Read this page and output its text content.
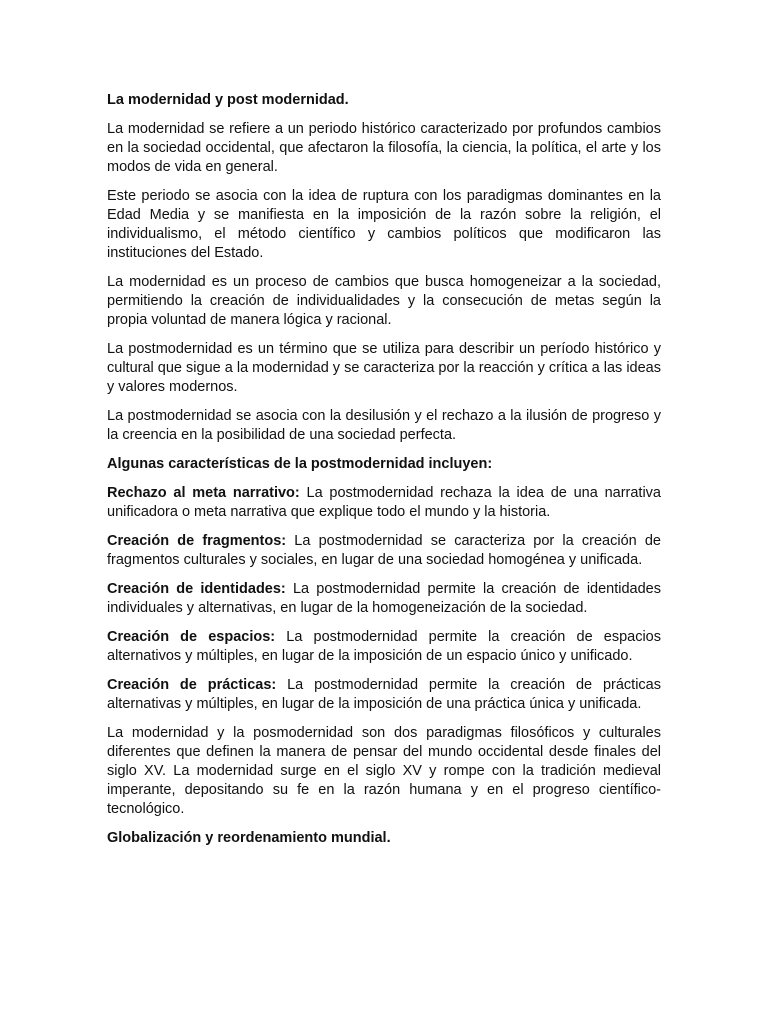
La modernidad y post modernidad.

La modernidad se refiere a un periodo histórico caracterizado por profundos cambios en la sociedad occidental, que afectaron la filosofía, la ciencia, la política, el arte y los modos de vida en general.

Este periodo se asocia con la idea de ruptura con los paradigmas dominantes en la Edad Media y se manifiesta en la imposición de la razón sobre la religión, el individualismo, el método científico y cambios políticos que modificaron las instituciones del Estado.

La modernidad es un proceso de cambios que busca homogeneizar a la sociedad, permitiendo la creación de individualidades y la consecución de metas según la propia voluntad de manera lógica y racional.

La postmodernidad es un término que se utiliza para describir un período histórico y cultural que sigue a la modernidad y se caracteriza por la reacción y crítica a las ideas y valores modernos.

La postmodernidad se asocia con la desilusión y el rechazo a la ilusión de progreso y la creencia en la posibilidad de una sociedad perfecta.

Algunas características de la postmodernidad incluyen:

Rechazo al meta narrativo: La postmodernidad rechaza la idea de una narrativa unificadora o meta narrativa que explique todo el mundo y la historia.

Creación de fragmentos: La postmodernidad se caracteriza por la creación de fragmentos culturales y sociales, en lugar de una sociedad homogénea y unificada.

Creación de identidades: La postmodernidad permite la creación de identidades individuales y alternativas, en lugar de la homogeneización de la sociedad.

Creación de espacios: La postmodernidad permite la creación de espacios alternativos y múltiples, en lugar de la imposición de un espacio único y unificado.

Creación de prácticas: La postmodernidad permite la creación de prácticas alternativas y múltiples, en lugar de la imposición de una práctica única y unificada.

La modernidad y la posmodernidad son dos paradigmas filosóficos y culturales diferentes que definen la manera de pensar del mundo occidental desde finales del siglo XV. La modernidad surge en el siglo XV y rompe con la tradición medieval imperante, depositando su fe en la razón humana y en el progreso científico-tecnológico.

Globalización y reordenamiento mundial.
